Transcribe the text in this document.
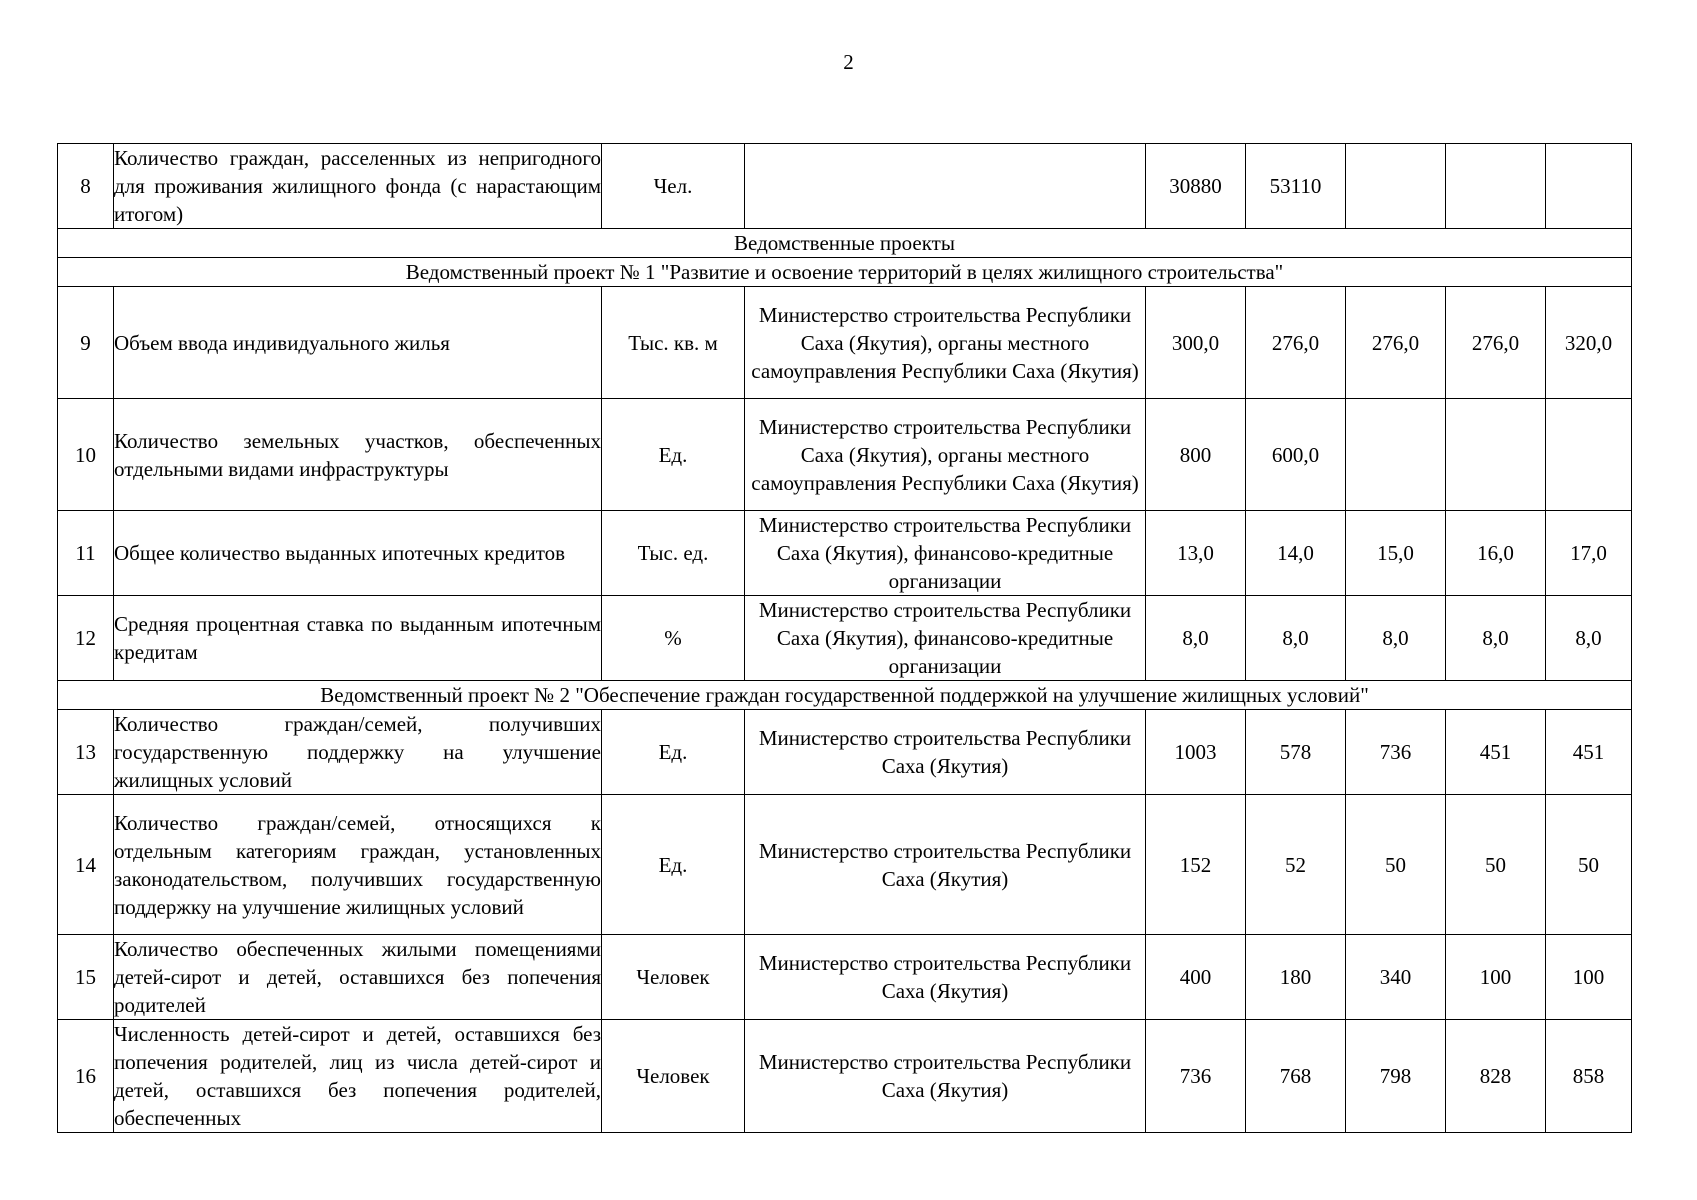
2
8	Количество граждан, расселенных из непригодного для проживания жилищного фонда (с нарастающим итогом)	Чел.		30880	53110			
Ведомственные проекты								
Ведомственный проект № 1 "Развитие и освоение территорий в целях жилищного строительства"								
9	Объем ввода индивидуального жилья	Тыс. кв. м	Министерство строительства Республики Саха (Якутия), органы местного самоуправления Республики Саха (Якутия)	300,0	276,0	276,0	276,0	320,0
10	Количество земельных участков, обеспеченных отдельными видами инфраструктуры	Ед.	Министерство строительства Республики Саха (Якутия), органы местного самоуправления Республики Саха (Якутия)	800	600,0			
11	Общее количество выданных ипотечных кредитов	Тыс. ед.	Министерство строительства Республики Саха (Якутия), финансово-кредитные организации	13,0	14,0	15,0	16,0	17,0
12	Средняя процентная ставка по выданным ипотечным кредитам	%	Министерство строительства Республики Саха (Якутия), финансово-кредитные организации	8,0	8,0	8,0	8,0	8,0
Ведомственный проект № 2 "Обеспечение граждан государственной поддержкой на улучшение жилищных условий"								
13	Количество граждан/семей, получивших государственную поддержку на улучшение жилищных условий	Ед.	Министерство строительства Республики Саха (Якутия)	1003	578	736	451	451
14	Количество граждан/семей, относящихся к отдельным категориям граждан, установленных законодательством, получивших государственную поддержку на улучшение жилищных условий	Ед.	Министерство строительства Республики Саха (Якутия)	152	52	50	50	50
15	Количество обеспеченных жилыми помещениями детей-сирот и детей, оставшихся без попечения родителей	Человек	Министерство строительства Республики Саха (Якутия)	400	180	340	100	100
16	Численность детей-сирот и детей, оставшихся без попечения родителей, лиц из числа детей-сирот и детей, оставшихся без попечения родителей, обеспеченных	Человек	Министерство строительства Республики Саха (Якутия)	736	768	798	828	858
